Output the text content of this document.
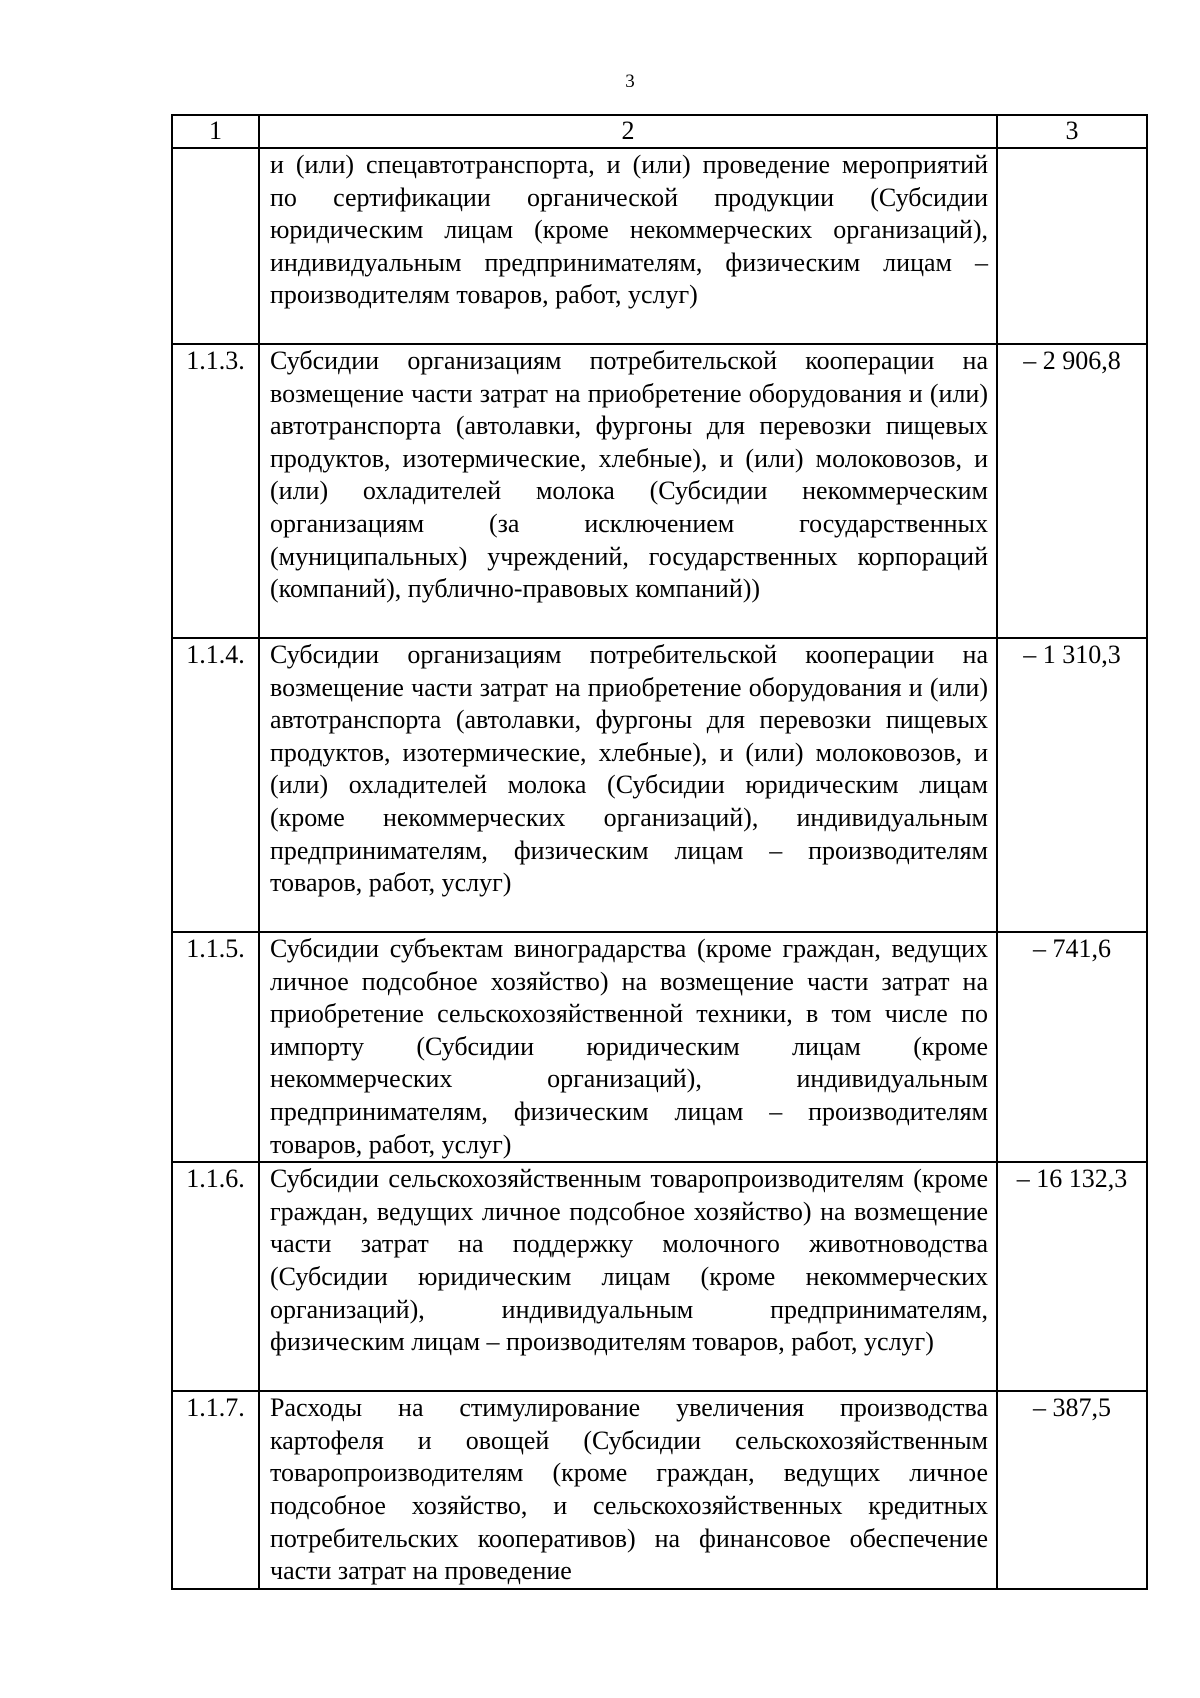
3
1	2	3
	и (или) спецавтотранспорта, и (или) проведение мероприятий по сертификации органической продукции (Субсидии юридическим лицам (кроме некоммерческих организаций), индивидуальным предпринимателям, физическим лицам – производителям товаров, работ, услуг)	
1.1.3.	Субсидии организациям потребительской кооперации на возмещение части затрат на приобретение оборудования и (или) автотранспорта (автолавки, фургоны для перевозки пищевых продуктов, изотермические, хлебные), и (или) молоковозов, и (или) охладителей молока (Субсидии некоммерческим организациям (за исключением государственных (муниципальных) учреждений, государственных корпораций (компаний), публично-правовых компаний))	– 2 906,8
1.1.4.	Субсидии организациям потребительской кооперации на возмещение части затрат на приобретение оборудования и (или) автотранспорта (автолавки, фургоны для перевозки пищевых продуктов, изотермические, хлебные), и (или) молоковозов, и (или) охладителей молока (Субсидии юридическим лицам (кроме некоммерческих организаций), индивидуальным предпринимателям, физическим лицам – производителям товаров, работ, услуг)	– 1 310,3
1.1.5.	Субсидии субъектам виноградарства (кроме граждан, ведущих личное подсобное хозяйство) на возмещение части затрат на приобретение сельскохозяйственной техники, в том числе по импорту (Субсидии юридическим лицам (кроме некоммерческих организаций), индивидуальным предпринимателям, физическим лицам – производителям товаров, работ, услуг)	– 741,6
1.1.6.	Субсидии сельскохозяйственным товаропроизводителям (кроме граждан, ведущих личное подсобное хозяйство) на возмещение части затрат на поддержку молочного животноводства (Субсидии юридическим лицам (кроме некоммерческих организаций), индивидуальным предпринимателям, физическим лицам – производителям товаров, работ, услуг)	– 16 132,3
1.1.7.	Расходы на стимулирование увеличения производства картофеля и овощей (Субсидии сельскохозяйственным товаропроизводителям (кроме граждан, ведущих личное подсобное хозяйство, и сельскохозяйственных кредитных потребительских кооперативов) на финансовое обеспечение части затрат на проведение	– 387,5
